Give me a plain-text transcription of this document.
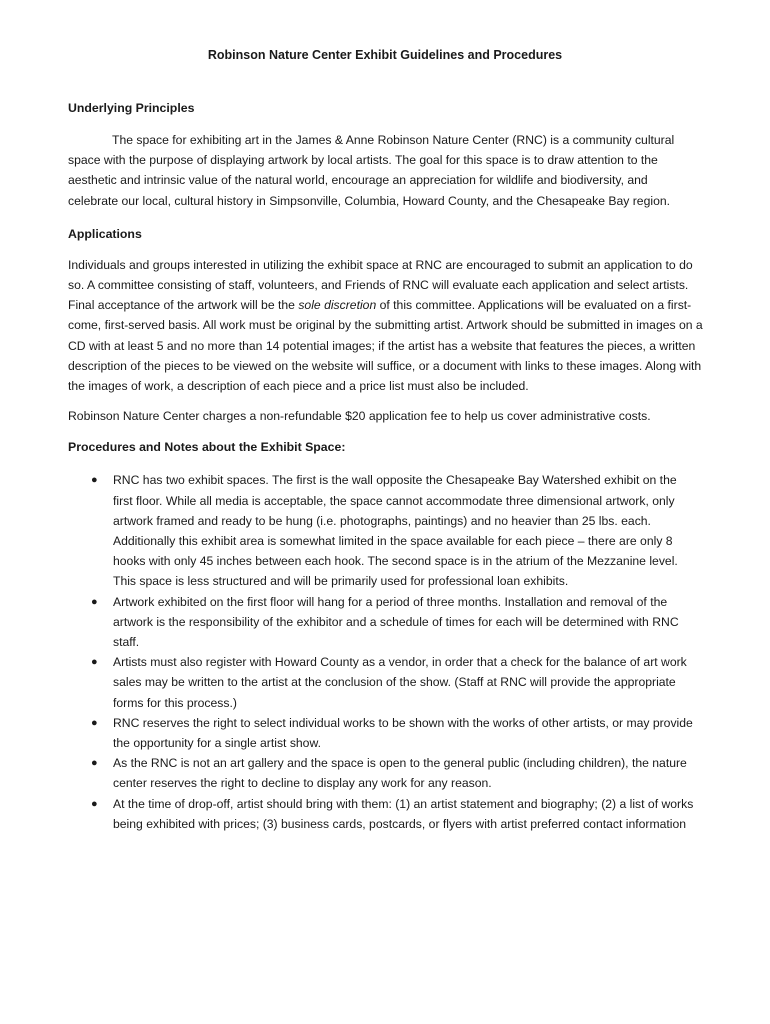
Robinson Nature Center Exhibit Guidelines and Procedures
Underlying Principles

The space for exhibiting art in the James & Anne Robinson Nature Center (RNC) is a community cultural space with the purpose of displaying artwork by local artists. The goal for this space is to draw attention to the aesthetic and intrinsic value of the natural world, encourage an appreciation for wildlife and biodiversity, and celebrate our local, cultural history in Simpsonville, Columbia, Howard County, and the Chesapeake Bay region.

Applications

Individuals and groups interested in utilizing the exhibit space at RNC are encouraged to submit an application to do so. A committee consisting of staff, volunteers, and Friends of RNC will evaluate each application and select artists. Final acceptance of the artwork will be the sole discretion of this committee. Applications will be evaluated on a first-come, first-served basis. All work must be original by the submitting artist. Artwork should be submitted in images on a CD with at least 5 and no more than 14 potential images; if the artist has a website that features the pieces, a written description of the pieces to be viewed on the website will suffice, or a document with links to these images. Along with the images of work, a description of each piece and a price list must also be included.

Robinson Nature Center charges a non-refundable $20 application fee to help us cover administrative costs.

Procedures and Notes about the Exhibit Space:
● RNC has two exhibit spaces. The first is the wall opposite the Chesapeake Bay Watershed exhibit on the first floor. While all media is acceptable, the space cannot accommodate three dimensional artwork, only artwork framed and ready to be hung (i.e. photographs, paintings) and no heavier than 25 lbs. each. Additionally this exhibit area is somewhat limited in the space available for each piece – there are only 8 hooks with only 45 inches between each hook. The second space is in the atrium of the Mezzanine level. This space is less structured and will be primarily used for professional loan exhibits.
● Artwork exhibited on the first floor will hang for a period of three months. Installation and removal of the artwork is the responsibility of the exhibitor and a schedule of times for each will be determined with RNC staff.
● Artists must also register with Howard County as a vendor, in order that a check for the balance of art work sales may be written to the artist at the conclusion of the show. (Staff at RNC will provide the appropriate forms for this process.)
● RNC reserves the right to select individual works to be shown with the works of other artists, or may provide the opportunity for a single artist show.
● As the RNC is not an art gallery and the space is open to the general public (including children), the nature center reserves the right to decline to display any work for any reason.
● At the time of drop-off, artist should bring with them: (1) an artist statement and biography; (2) a list of works being exhibited with prices; (3) business cards, postcards, or flyers with artist preferred contact information
